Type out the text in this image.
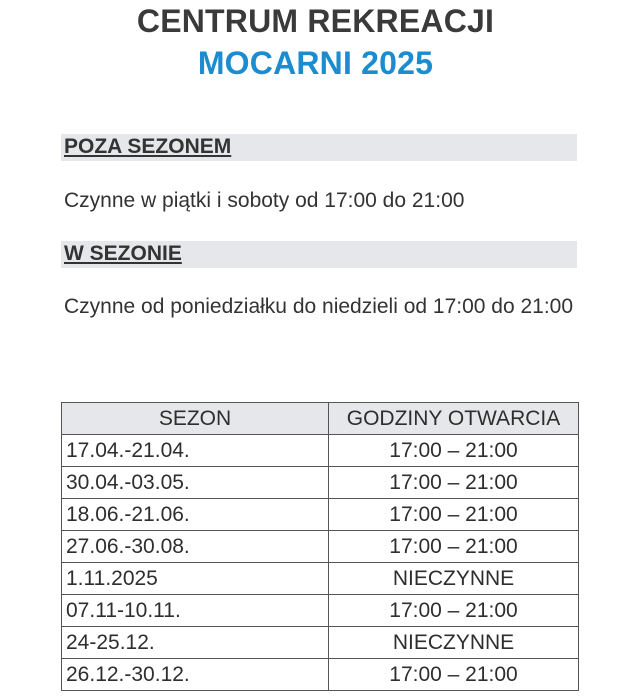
CENTRUM REKREACJI
MOCARNI 2025
POZA SEZONEM
Czynne w piątki i soboty od 17:00 do 21:00
W SEZONIE
Czynne od poniedziałku do niedzieli od 17:00 do 21:00
SEZON	GODZINY OTWARCIA
17.04.-21.04.	17:00 – 21:00
30.04.-03.05.	17:00 – 21:00
18.06.-21.06.	17:00 – 21:00
27.06.-30.08.	17:00 – 21:00
1.11.2025	NIECZYNNE
07.11-10.11.	17:00 – 21:00
24-25.12.	NIECZYNNE
26.12.-30.12.	17:00 – 21:00
